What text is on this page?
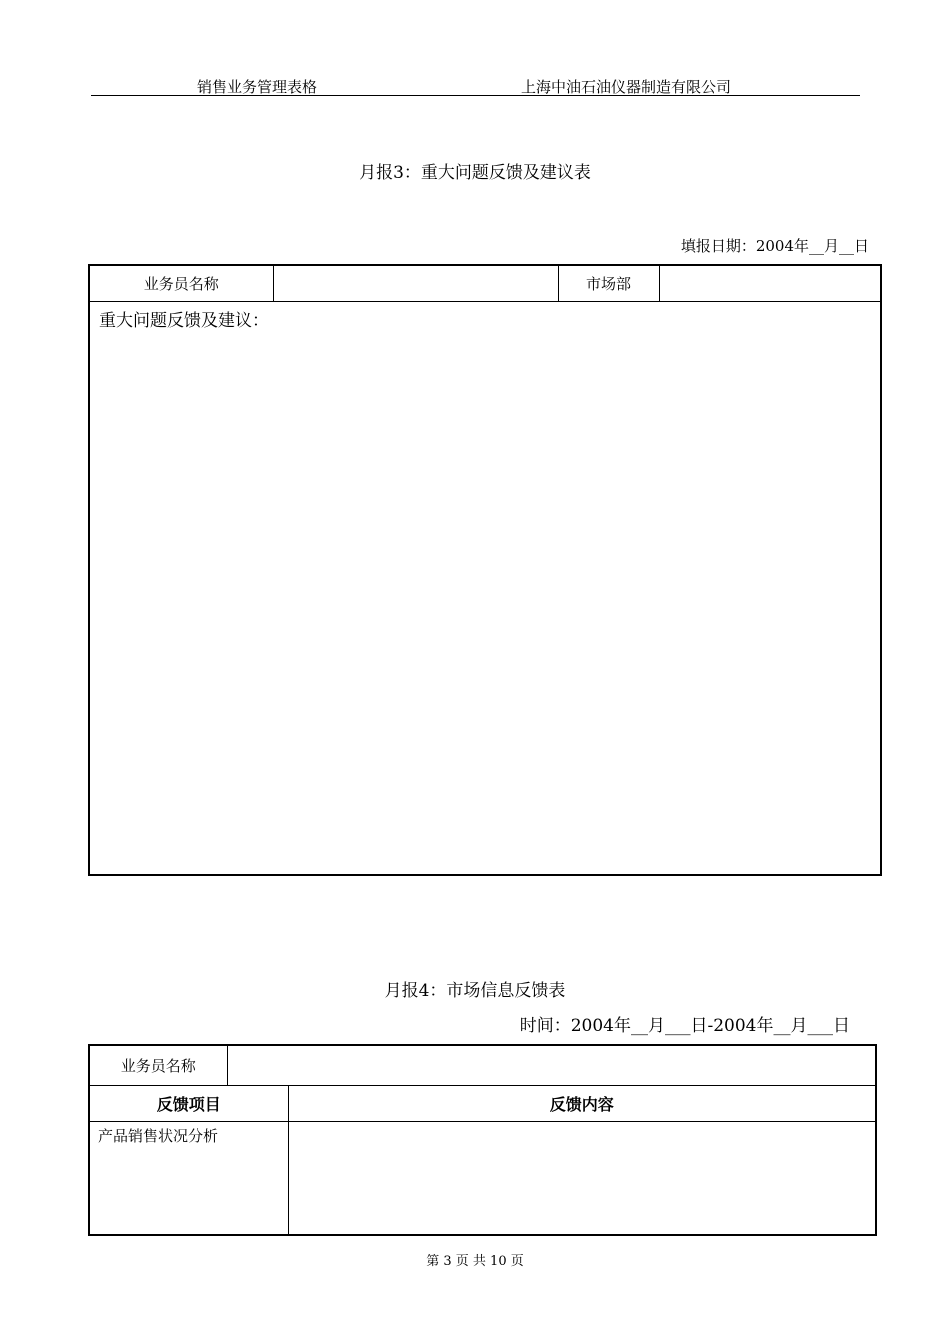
销售业务管理表格	上海中油石油仪器制造有限公司
月报3：重大问题反馈及建议表
填报日期：2004年__月__日
业务员名称		市场部	
重大问题反馈及建议：
月报4：市场信息反馈表
时间：2004年__月___日-2004年__月___日
业务员名称		
反馈项目		反馈内容
产品销售状况分析		
第 3 页 共 10 页
